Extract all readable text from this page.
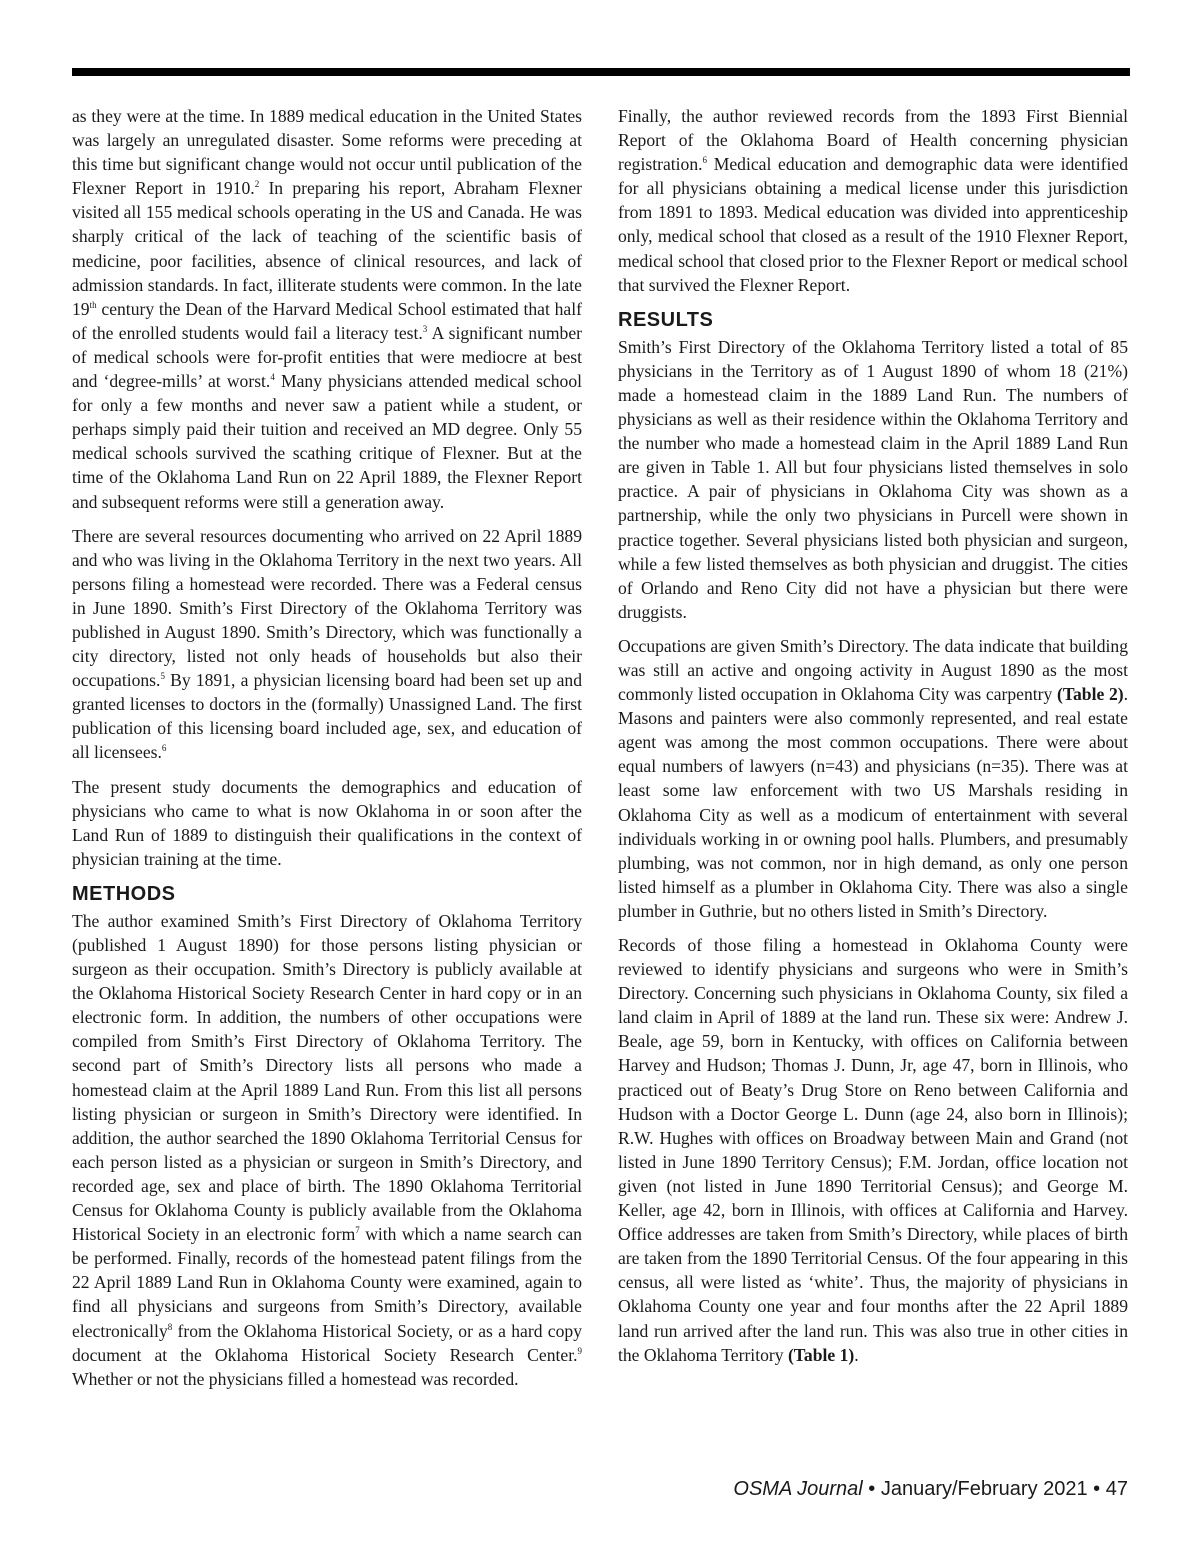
as they were at the time. In 1889 medical education in the United States was largely an unregulated disaster. Some reforms were preceding at this time but significant change would not occur until publication of the Flexner Report in 1910.$^2$ In preparing his report, Abraham Flexner visited all 155 medical schools operating in the US and Canada. He was sharply critical of the lack of teaching of the scientific basis of medicine, poor facilities, absence of clinical resources, and lack of admission standards. In fact, illiterate students were common. In the late 19th century the Dean of the Harvard Medical School estimated that half of the enrolled students would fail a literacy test.$^3$ A significant number of medical schools were for-profit entities that were mediocre at best and ‘degree-mills’ at worst.$^4$ Many physicians attended medical school for only a few months and never saw a patient while a student, or perhaps simply paid their tuition and received an MD degree. Only 55 medical schools survived the scathing critique of Flexner. But at the time of the Oklahoma Land Run on 22 April 1889, the Flexner Report and subsequent reforms were still a generation away.

There are several resources documenting who arrived on 22 April 1889 and who was living in the Oklahoma Territory in the next two years. All persons filing a homestead were recorded. There was a Federal census in June 1890. Smith’s First Directory of the Oklahoma Territory was published in August 1890. Smith’s Directory, which was functionally a city directory, listed not only heads of households but also their occupations.$^5$ By 1891, a physician licensing board had been set up and granted licenses to doctors in the (formally) Unassigned Land. The first publication of this licensing board included age, sex, and education of all licensees.$^6$

The present study documents the demographics and education of physicians who came to what is now Oklahoma in or soon after the Land Run of 1889 to distinguish their qualifications in the context of physician training at the time.

METHODS

The author examined Smith’s First Directory of Oklahoma Territory (published 1 August 1890) for those persons listing physician or surgeon as their occupation. Smith’s Directory is publicly available at the Oklahoma Historical Society Research Center in hard copy or in an electronic form. In addition, the numbers of other occupations were compiled from Smith’s First Directory of Oklahoma Territory. The second part of Smith’s Directory lists all persons who made a homestead claim at the April 1889 Land Run. From this list all persons listing physician or surgeon in Smith’s Directory were identified. In addition, the author searched the 1890 Oklahoma Territorial Census for each person listed as a physician or surgeon in Smith’s Directory, and recorded age, sex and place of birth. The 1890 Oklahoma Territorial Census for Oklahoma County is publicly available from the Oklahoma Historical Society in an electronic form$^7$ with which a name search can be performed. Finally, records of the homestead patent filings from the 22 April 1889 Land Run in Oklahoma County were examined, again to find all physicians and surgeons from Smith’s Directory, available electronically$^8$ from the Oklahoma Historical Society, or as a hard copy document at the Oklahoma Historical Society Research Center.$^9$ Whether or not the physicians filled a homestead was recorded.

Finally, the author reviewed records from the 1893 First Biennial Report of the Oklahoma Board of Health concerning physician registration.$^6$ Medical education and demographic data were identified for all physicians obtaining a medical license under this jurisdiction from 1891 to 1893. Medical education was divided into apprenticeship only, medical school that closed as a result of the 1910 Flexner Report, medical school that closed prior to the Flexner Report or medical school that survived the Flexner Report.

RESULTS

Smith’s First Directory of the Oklahoma Territory listed a total of 85 physicians in the Territory as of 1 August 1890 of whom 18 (21%) made a homestead claim in the 1889 Land Run. The numbers of physicians as well as their residence within the Oklahoma Territory and the number who made a homestead claim in the April 1889 Land Run are given in Table 1. All but four physicians listed themselves in solo practice. A pair of physicians in Oklahoma City was shown as a partnership, while the only two physicians in Purcell were shown in practice together. Several physicians listed both physician and surgeon, while a few listed themselves as both physician and druggist. The cities of Orlando and Reno City did not have a physician but there were druggists.

Occupations are given Smith’s Directory. The data indicate that building was still an active and ongoing activity in August 1890 as the most commonly listed occupation in Oklahoma City was carpentry (Table 2). Masons and painters were also commonly represented, and real estate agent was among the most common occupations. There were about equal numbers of lawyers (n=43) and physicians (n=35). There was at least some law enforcement with two US Marshals residing in Oklahoma City as well as a modicum of entertainment with several individuals working in or owning pool halls. Plumbers, and presumably plumbing, was not common, nor in high demand, as only one person listed himself as a plumber in Oklahoma City. There was also a single plumber in Guthrie, but no others listed in Smith’s Directory.

Records of those filing a homestead in Oklahoma County were reviewed to identify physicians and surgeons who were in Smith’s Directory. Concerning such physicians in Oklahoma County, six filed a land claim in April of 1889 at the land run. These six were: Andrew J. Beale, age 59, born in Kentucky, with offices on California between Harvey and Hudson; Thomas J. Dunn, Jr, age 47, born in Illinois, who practiced out of Beaty’s Drug Store on Reno between California and Hudson with a Doctor George L. Dunn (age 24, also born in Illinois); R.W. Hughes with offices on Broadway between Main and Grand (not listed in June 1890 Territory Census); F.M. Jordan, office location not given (not listed in June 1890 Territorial Census); and George M. Keller, age 42, born in Illinois, with offices at California and Harvey. Office addresses are taken from Smith’s Directory, while places of birth are taken from the 1890 Territorial Census. Of the four appearing in this census, all were listed as ‘white’. Thus, the majority of physicians in Oklahoma County one year and four months after the 22 April 1889 land run arrived after the land run. This was also true in other cities in the Oklahoma Territory (Table 1).

OSMA Journal • January/February 2021 • 47
